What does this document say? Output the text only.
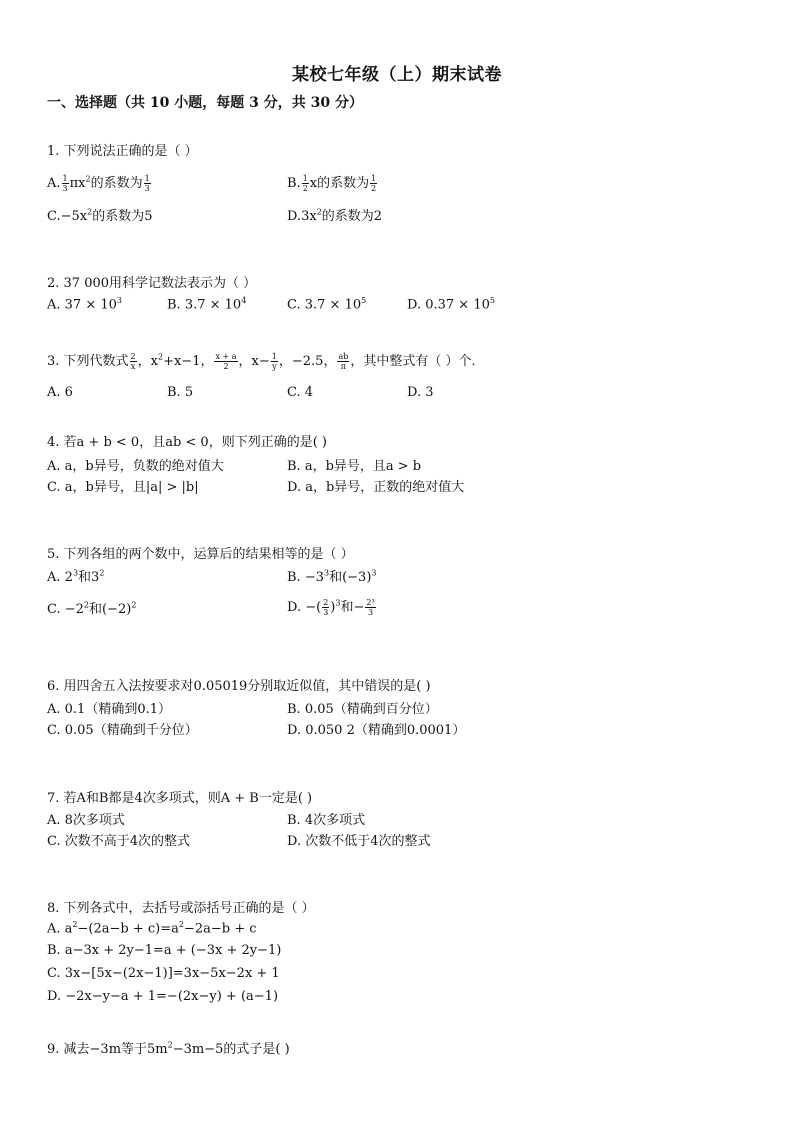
某校七年级（上）期末试卷
一、选择题（共 10 小题，每题 3 分，共 30 分）
1. 下列说法正确的是（ ）
A. $\frac{1}{3} \pi x^2$的系数为 $\frac{1}{3}$	B. $\frac{1}{2}$ x的系数为 $\frac{1}{2}$
$C.-5x^2$的系数为5	$D.3x^2$的系数为2
2. 37 000用科学记数法表示为（ ）
A. $37 \times 10^3$	B. $3.7 \times 10^4$	C. $3.7 \times 10^5$	D. $0.37 \times 10^5$
3. 下列代数式 $\frac{2}{x}$ ，$x^2+x-1$， $\frac{x + a}{2}$ ，$x- \frac{1}{y}$ ，−2.5， $\frac{ab}{\pi}$ ，其中整式有（ ）个．
A. 6	B. 5	C. 4	D. 3
4. 若a + b < 0，且ab < 0，则下列正确的是( )
A. a，b异号，负数的绝对值大	B. a，b异号，且a > b
C. a，b异号，且|a| > |b|	D. a，b异号，正数的绝对值大
5. 下列各组的两个数中，运算后的结果相等的是（ ）
A. $2^3$和$3^2$	B. $-3^3$和$(-3)^3$
C. $-2^2$和$(-2)^2$	D. −( $\frac{2}{3} )^3$和− $\frac{\text{2³}}{3}$
6. 用四舍五入法按要求对0.05019分别取近似值，其中错误的是( )
A. 0.1（精确到0.1）	B. 0.05（精确到百分位）
C. 0.05（精确到千分位）	D. 0.050 2（精确到0.0001）
7. 若A和B都是4次多项式，则A + B一定是( )
A. 8次多项式	B. 4次多项式
C. 次数不高于4次的整式	D. 次数不低于4次的整式
8. 下列各式中，去括号或添括号正确的是（ ）
A. $a^2-(2a-b + c)=a^2-2a-b + c$
B. a−3x + 2y−1=a + (−3x + 2y−1)
C. 3x−[5x−(2x−1)]=3x−5x−2x + 1
D. −2x−y−a + 1=−(2x−y) + (a−1)
9. 减去−3m等于$5m^2-3m-5$的式子是( )
